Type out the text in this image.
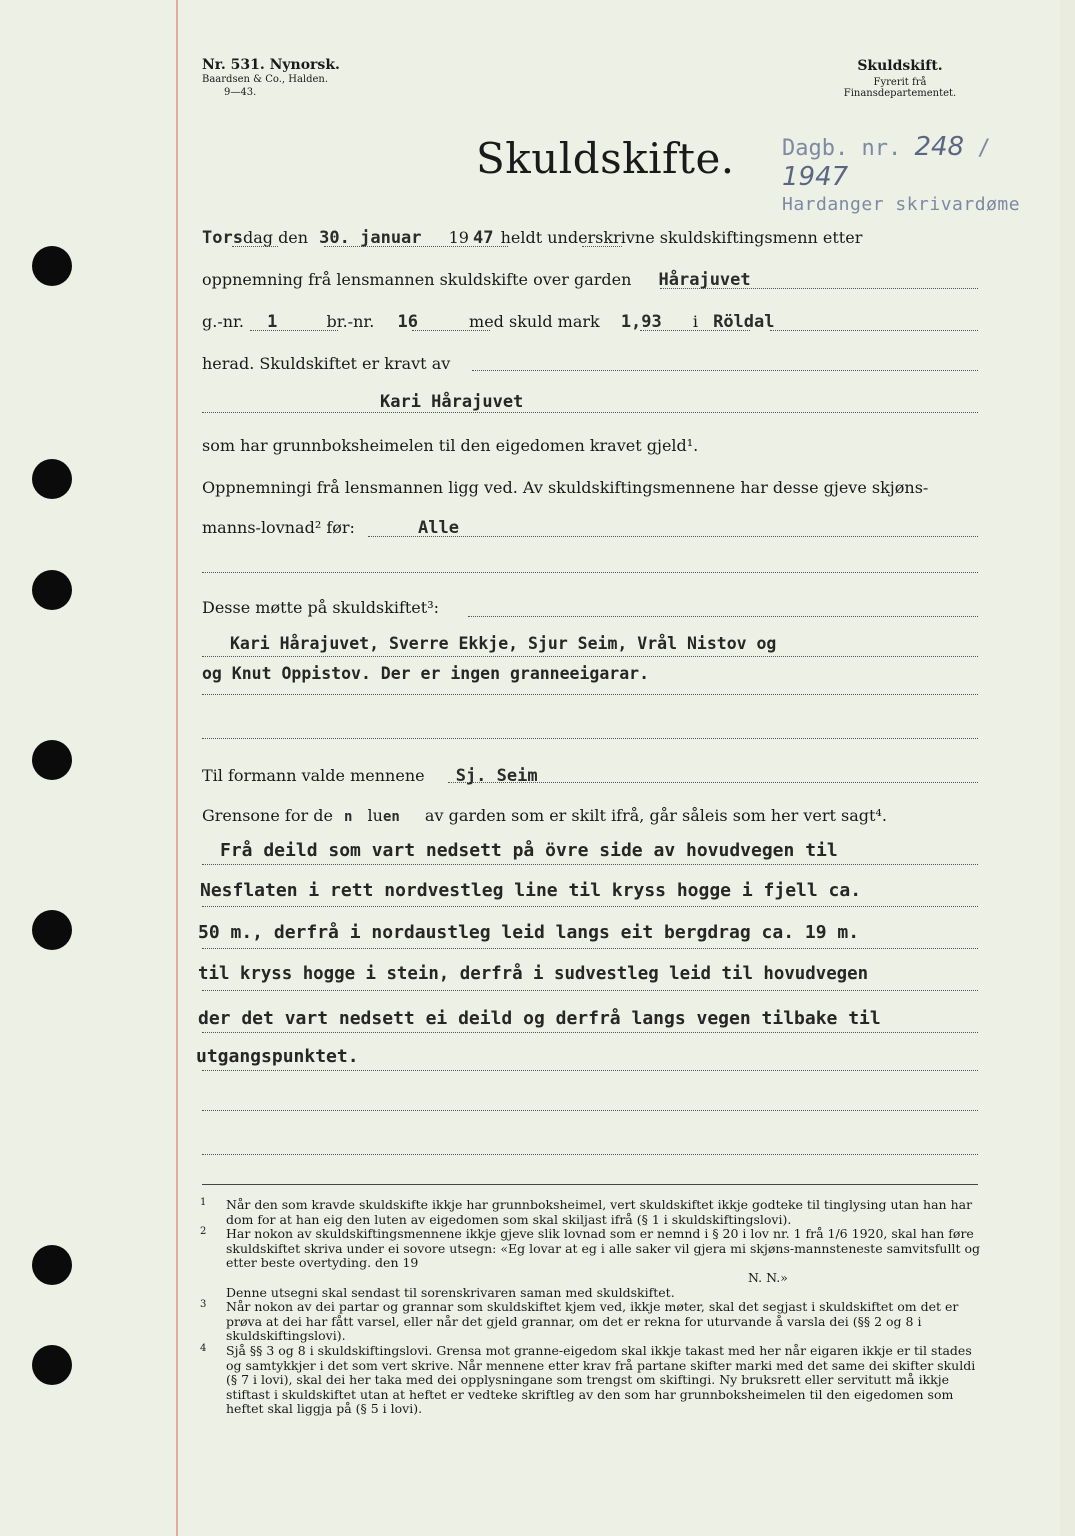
Nr. 531. Nynorsk.
Baardsen & Co., Halden.
9—43.
Skuldskift.
Fyrerit frå Finansdepartementet.
Skuldskifte. Dagb. nr. 248 / 1947
Hardanger skrivardøme
Torsdag den 30. januar 19 47 heldt underskrivne skuldskiftingsmenn etter
oppnemning frå lensmannen skuldskifte over garden Hårajuvet
g.-nr. 1	br.-nr. 16	med skuld mark 1,93 i Röldal
herad. Skuldskiftet er kravt av
Kari Hårajuvet
som har grunnboksheimelen til den eigedomen kravet gjeld¹.
Oppnemningi frå lensmannen ligg ved. Av skuldskiftingsmennene har desse gjeve skjøns-
manns-lovnad² før:	Alle
Desse møtte på skuldskiftet³:
Kari Hårajuvet, Sverre Ekkje, Sjur Seim, Vrål Nistov og
og Knut Oppistov. Der er ingen granneeigarar.
Til formann valde mennene Sj. Seim
Grensone for de n luen av garden som er skilt ifrå, går såleis som her vert sagt⁴.
Frå deild som vart nedsett på övre side av hovudvegen til
Nesflaten i rett nordvestleg line til kryss hogge i fjell ca.
50 m., derfrå i nordaustleg leid langs eit bergdrag ca. 19 m.
til kryss hogge i stein, derfrå i sudvestleg leid til hovudvegen
der det vart nedsett ei deild og derfrå langs vegen tilbake til
utgangspunktet.
1 Når den som kravde skuldskifte ikkje har grunnboksheimel, vert skuldskiftet ikkje godteke til tinglysing utan han har dom for at han eig den luten av eigedomen som skal skiljast ifrå (§ 1 i skuldskiftingslovi).
2 Har nokon av skuldskiftingsmennene ikkje gjeve slik lovnad som er nemnd i § 20 i lov nr. 1 frå 1/6 1920, skal han føre skuldskiftet skriva under ei sovore utsegn: «Eg lovar at eg i alle saker vil gjera mi skjøns-mannsteneste samvitsfullt og etter beste overtyding. den 19
N. N.»
Denne utsegni skal sendast til sorenskrivaren saman med skuldskiftet.
3 Når nokon av dei partar og grannar som skuldskiftet kjem ved, ikkje møter, skal det segjast i skuldskiftet om det er prøva at dei har fått varsel, eller når det gjeld grannar, om det er rekna for uturvande å varsla dei (§§ 2 og 8 i skuldskiftingslovi).
4 Sjå §§ 3 og 8 i skuldskiftingslovi. Grensa mot granne-eigedom skal ikkje takast med her når eigaren ikkje er til stades og samtykkjer i det som vert skrive. Når mennene etter krav frå partane skifter marki med det same dei skifter skuldi (§ 7 i lovi), skal dei her taka med dei opplysningane som trengst om skiftingi. Ny bruksrett eller servitutt må ikkje stiftast i skuldskiftet utan at heftet er vedteke skriftleg av den som har grunnboksheimelen til den eigedomen som heftet skal liggja på (§ 5 i lovi).
